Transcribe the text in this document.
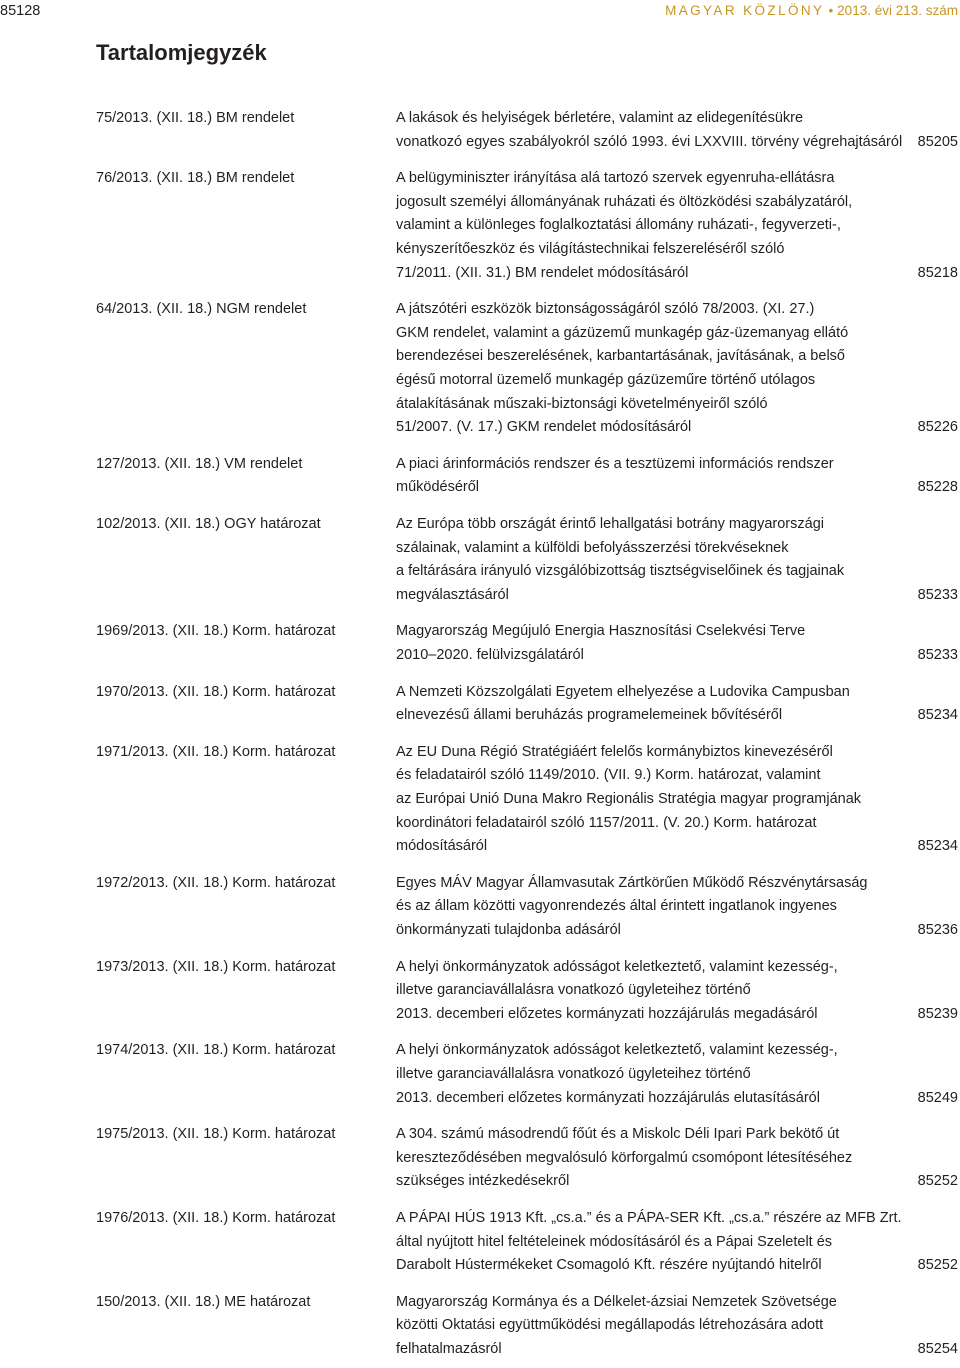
85128	MAGYAR KÖZLÖNY • 2013. évi 213. szám
Tartalomjegyzék
75/2013. (XII. 18.) BM rendelet	A lakások és helyiségek bérletére, valamint az elidegenítésükre
vonatkozó egyes szabályokról szóló 1993. évi LXXVIII. törvény végrehajtásáról 85205
76/2013. (XII. 18.) BM rendelet	A belügyminiszter irányítása alá tartozó szervek egyenruha-ellátásra
jogosult személyi állományának ruházati és öltözködési szabályzatáról,
valamint a különleges foglalkoztatási állomány ruházati-, fegyverzeti-,
kényszerítőeszköz és világítástechnikai felszereléséről szóló
71/2011. (XII. 31.) BM rendelet módosításáról	85218
64/2013. (XII. 18.) NGM rendelet	A játszótéri eszközök biztonságosságáról szóló 78/2003. (XI. 27.)
GKM rendelet, valamint a gázüzemű munkagép gáz-üzemanyag ellátó
berendezései beszerelésének, karbantartásának, javításának, a belső
égésű motorral üzemelő munkagép gázüzeműre történő utólagos
átalakításának műszaki-biztonsági követelményeiről szóló
51/2007. (V. 17.) GKM rendelet módosításáról	85226
127/2013. (XII. 18.) VM rendelet	A piaci árinformációs rendszer és a tesztüzemi információs rendszer
működéséről	85228
102/2013. (XII. 18.) OGY határozat	Az Európa több országát érintő lehallgatási botrány magyarországi
szálainak, valamint a külföldi befolyásszerzési törekvéseknek
a feltárására irányuló vizsgálóbizottság tisztségviselőinek és tagjainak
megválasztásáról	85233
1969/2013. (XII. 18.) Korm. határozat	Magyarország Megújuló Energia Hasznosítási Cselekvési Terve
2010–2020. felülvizsgálatáról	85233
1970/2013. (XII. 18.) Korm. határozat	A Nemzeti Közszolgálati Egyetem elhelyezése a Ludovika Campusban
elnevezésű állami beruházás programelemeinek bővítéséről	85234
1971/2013. (XII. 18.) Korm. határozat	Az EU Duna Régió Stratégiáért felelős kormánybiztos kinevezéséről
és feladatairól szóló 1149/2010. (VII. 9.) Korm. határozat, valamint
az Európai Unió Duna Makro Regionális Stratégia magyar programjának
koordinátori feladatairól szóló 1157/2011. (V. 20.) Korm. határozat
módosításáról	85234
1972/2013. (XII. 18.) Korm. határozat	Egyes MÁV Magyar Államvasutak Zártkörűen Működő Részvénytársaság
és az állam közötti vagyonrendezés által érintett ingatlanok ingyenes
önkormányzati tulajdonba adásáról	85236
1973/2013. (XII. 18.) Korm. határozat	A helyi önkormányzatok adósságot keletkeztető, valamint kezesség-,
illetve garanciavállalásra vonatkozó ügyleteihez történő
2013. decemberi előzetes kormányzati hozzájárulás megadásáról	85239
1974/2013. (XII. 18.) Korm. határozat	A helyi önkormányzatok adósságot keletkeztető, valamint kezesség-,
illetve garanciavállalásra vonatkozó ügyleteihez történő
2013. decemberi előzetes kormányzati hozzájárulás elutasításáról	85249
1975/2013. (XII. 18.) Korm. határozat	A 304. számú másodrendű főút és a Miskolc Déli Ipari Park bekötő út
kereszteződésében megvalósuló körforgalmú csomópont létesítéséhez
szükséges intézkedésekről	85252
1976/2013. (XII. 18.) Korm. határozat	A PÁPAI HÚS 1913 Kft. „cs.a.” és a PÁPA-SER Kft. „cs.a.” részére az MFB Zrt.
által nyújtott hitel feltételeinek módosításáról és a Pápai Szeletelt és
Darabolt Hústermékeket Csomagoló Kft. részére nyújtandó hitelről	85252
150/2013. (XII. 18.) ME határozat	Magyarország Kormánya és a Délkelet-ázsiai Nemzetek Szövetsége
közötti Oktatási együttműködési megállapodás létrehozására adott
felhatalmazásról	85254
